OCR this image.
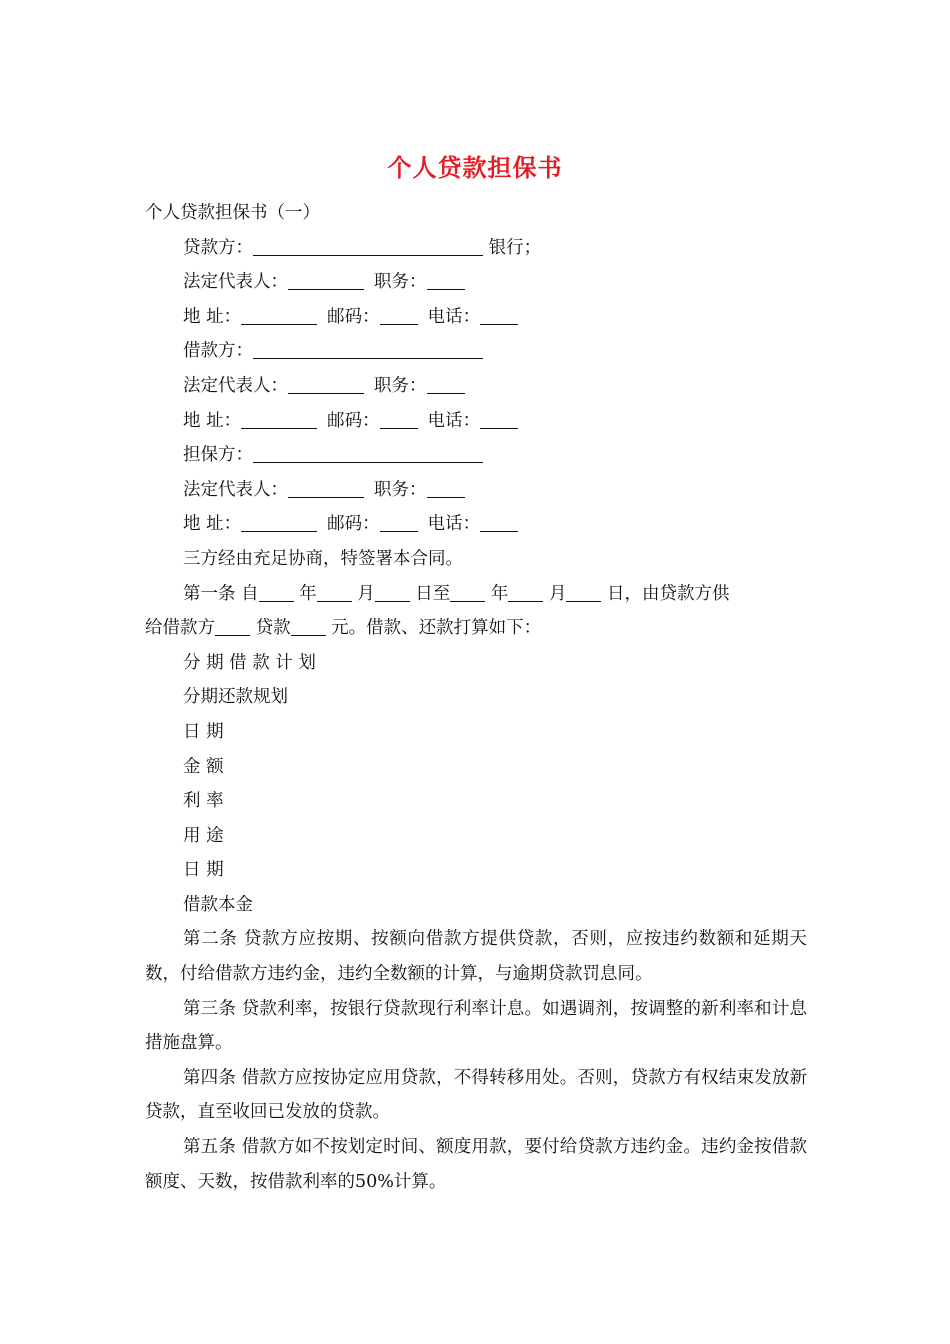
个人贷款担保书

个人贷款担保书（一）

贷款方：	银行；

法定代表人：	职务：

地 址：	邮码：	电话：

借款方：

法定代表人：	职务：

地 址：	邮码：	电话：

担保方：

法定代表人：	职务：

地 址：	邮码：	电话：

三方经由充足协商，特签署本合同。

第一条 自 年 月 日至 年 月 日，由贷款方供

给借款方 贷款 元。借款、还款打算如下：

分 期 借 款 计 划

分期还款规划

日 期

金 额

利 率

用 途

日 期

借款本金

第二条 贷款方应按期、按额向借款方提供贷款，否则，应按违约数额和延期天数，付给借款方违约金，违约全数额的计算，与逾期贷款罚息同。

第三条 贷款利率，按银行贷款现行利率计息。如遇调剂，按调整的新利率和计息措施盘算。

第四条 借款方应按协定应用贷款，不得转移用处。否则，贷款方有权结束发放新贷款，直至收回已发放的贷款。

第五条 借款方如不按划定时间、额度用款，要付给贷款方违约金。违约金按借款额度、天数，按借款利率的50%计算。
